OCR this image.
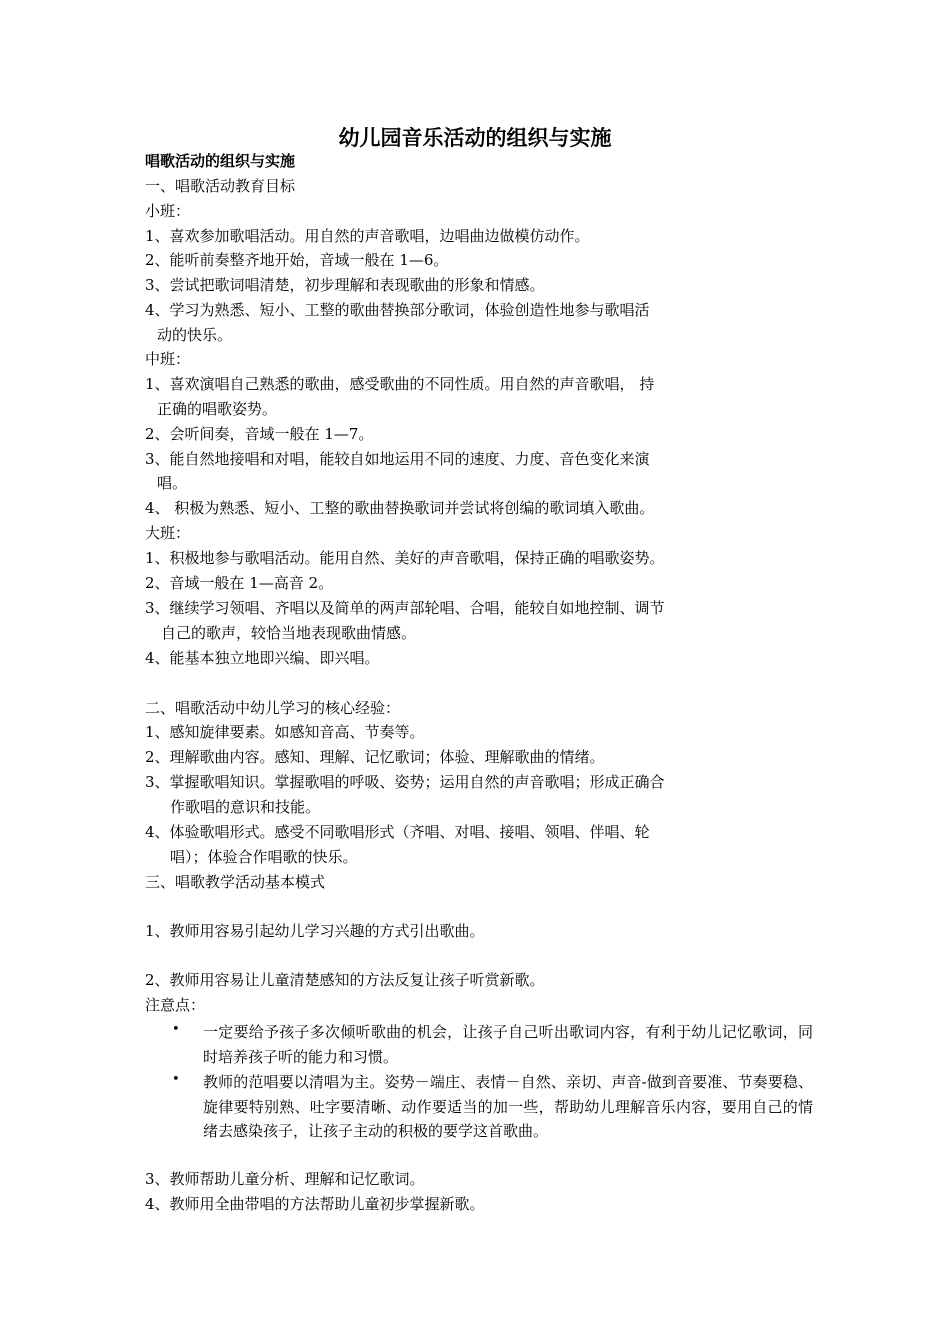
幼儿园音乐活动的组织与实施
唱歌活动的组织与实施
一、唱歌活动教育目标
小班：
1、喜欢参加歌唱活动。用自然的声音歌唱，边唱曲边做模仿动作。
2、能听前奏整齐地开始，音域一般在 1—6。
3、尝试把歌词唱清楚，初步理解和表现歌曲的形象和情感。
4、学习为熟悉、短小、工整的歌曲替换部分歌词，体验创造性地参与歌唱活
动的快乐。
中班：
1、喜欢演唱自己熟悉的歌曲，感受歌曲的不同性质。用自然的声音歌唱， 持
正确的唱歌姿势。
2、会听间奏，音域一般在 1—7。
3、能自然地接唱和对唱，能较自如地运用不同的速度、力度、音色变化来演
唱。
4、 积极为熟悉、短小、工整的歌曲替换歌词并尝试将创编的歌词填入歌曲。
大班：
1、积极地参与歌唱活动。能用自然、美好的声音歌唱，保持正确的唱歌姿势。
2、音域一般在 1—高音 2。
3、继续学习领唱、齐唱以及简单的两声部轮唱、合唱，能较自如地控制、调节
自己的歌声，较恰当地表现歌曲情感。
4、能基本独立地即兴编、即兴唱。
二、唱歌活动中幼儿学习的核心经验：
1、感知旋律要素。如感知音高、节奏等。
2、理解歌曲内容。感知、理解、记忆歌词；体验、理解歌曲的情绪。
3、掌握歌唱知识。掌握歌唱的呼吸、姿势；运用自然的声音歌唱；形成正确合
作歌唱的意识和技能。
4、体验歌唱形式。感受不同歌唱形式（齐唱、对唱、接唱、领唱、伴唱、轮
唱）；体验合作唱歌的快乐。
三、唱歌教学活动基本模式
1、教师用容易引起幼儿学习兴趣的方式引出歌曲。
2、教师用容易让儿童清楚感知的方法反复让孩子听赏新歌。
注意点：
• 一定要给予孩子多次倾听歌曲的机会，让孩子自己听出歌词内容，有利于幼儿记忆歌词，同时培养孩子听的能力和习惯。
• 教师的范唱要以清唱为主。姿势－端庄、表情－自然、亲切、声音-做到音要准、节奏要稳、旋律要特别熟、吐字要清晰、动作要适当的加一些，帮助幼儿理解音乐内容，要用自己的情绪去感染孩子，让孩子主动的积极的要学这首歌曲。
3、教师帮助儿童分析、理解和记忆歌词。
4、教师用全曲带唱的方法帮助儿童初步掌握新歌。
